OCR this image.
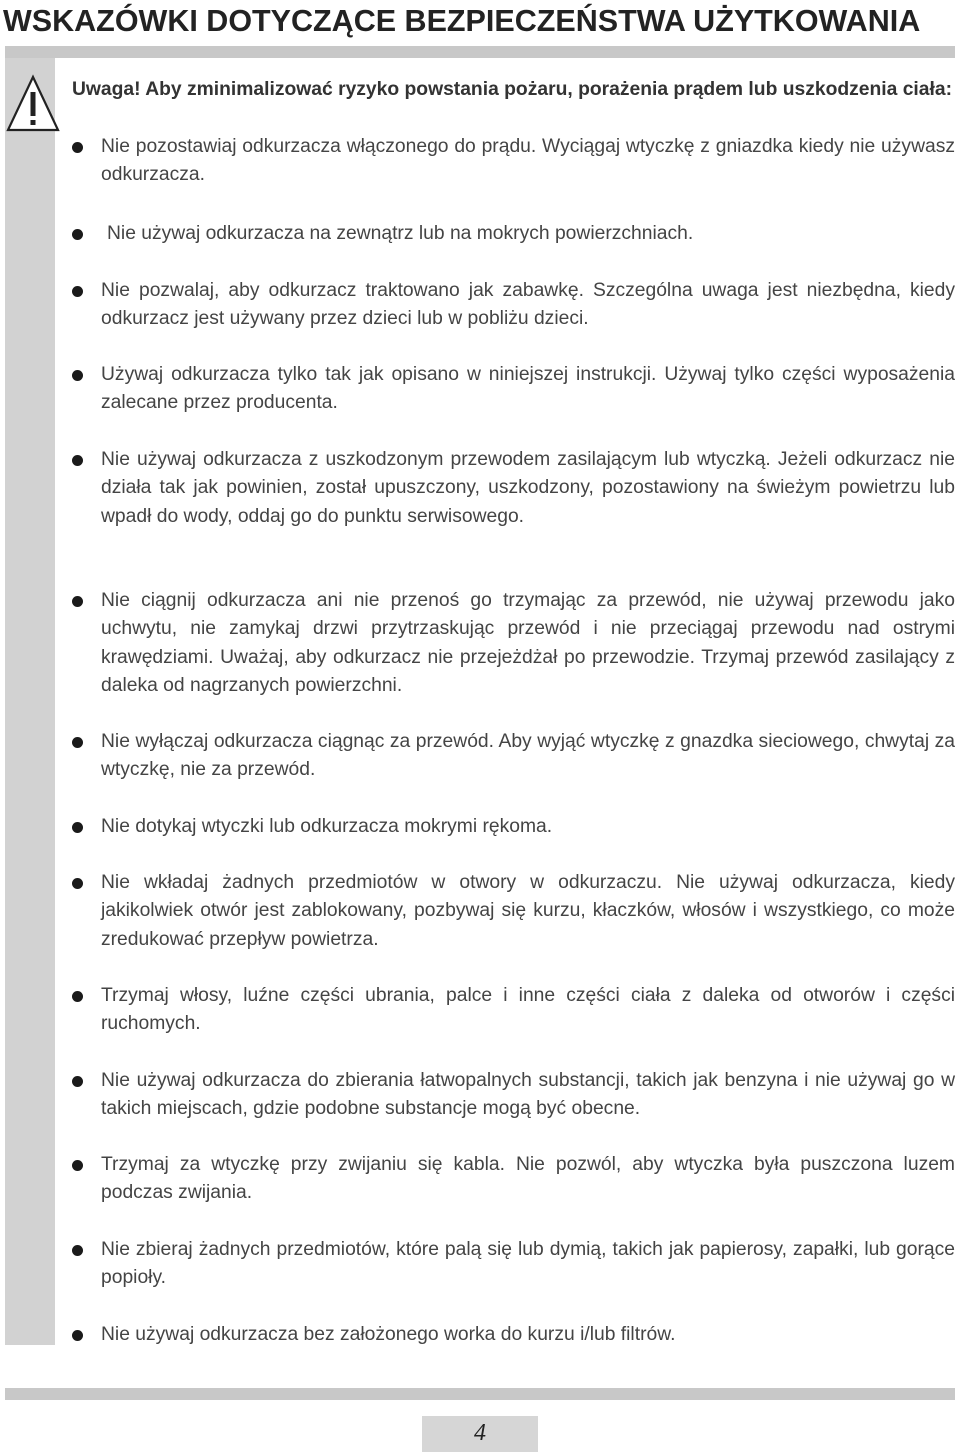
WSKAZÓWKI DOTYCZĄCE BEZPIECZEŃSTWA UŻYTKOWANIA
Uwaga! Aby zminimalizować ryzyko powstania pożaru, porażenia prądem lub uszkodzenia ciała:
Nie pozostawiaj odkurzacza włączonego do prądu. Wyciągaj wtyczkę z gniazdka kiedy nie używasz odkurzacza.
Nie używaj odkurzacza na zewnątrz lub na mokrych powierzchniach.
Nie pozwalaj, aby odkurzacz traktowano jak zabawkę. Szczególna uwaga jest niezbędna, kiedy odkurzacz jest używany przez dzieci lub w pobliżu dzieci.
Używaj odkurzacza tylko tak jak opisano w niniejszej instrukcji. Używaj tylko części wyposażenia zalecane przez producenta.
Nie używaj odkurzacza z uszkodzonym przewodem zasilającym lub wtyczką. Jeżeli odkurzacz nie działa tak jak powinien, został upuszczony, uszkodzony, pozostawiony na świeżym powietrzu lub wpadł do wody, oddaj go do punktu serwisowego.
Nie ciągnij odkurzacza ani nie przenoś go trzymając za przewód, nie używaj przewodu jako uchwytu, nie zamykaj drzwi przytrzaskując przewód i nie przeciągaj przewodu nad ostrymi krawędziami. Uważaj, aby odkurzacz nie przejeżdżał po przewodzie. Trzymaj przewód zasilający z daleka od nagrzanych powierzchni.
Nie wyłączaj odkurzacza ciągnąc za przewód. Aby wyjąć wtyczkę z gnazdka sieciowego, chwytaj za wtyczkę, nie za przewód.
Nie dotykaj wtyczki lub odkurzacza mokrymi rękoma.
Nie wkładaj żadnych przedmiotów w otwory w odkurzaczu. Nie używaj odkurzacza, kiedy jakikolwiek otwór jest zablokowany, pozbywaj się kurzu, kłaczków, włosów i wszystkiego, co może zredukować przepływ powietrza.
Trzymaj włosy, luźne części ubrania, palce i inne części ciała z daleka od otworów i części ruchomych.
Nie używaj odkurzacza do zbierania łatwopalnych substancji, takich jak benzyna i nie używaj go w takich miejscach, gdzie podobne substancje mogą być obecne.
Trzymaj za wtyczkę przy zwijaniu się kabla. Nie pozwól, aby wtyczka była puszczona luzem podczas zwijania.
Nie zbieraj żadnych przedmiotów, które palą się lub dymią, takich jak papierosy, zapałki, lub gorące popioły.
Nie używaj odkurzacza bez założonego worka do kurzu i/lub filtrów.
4
